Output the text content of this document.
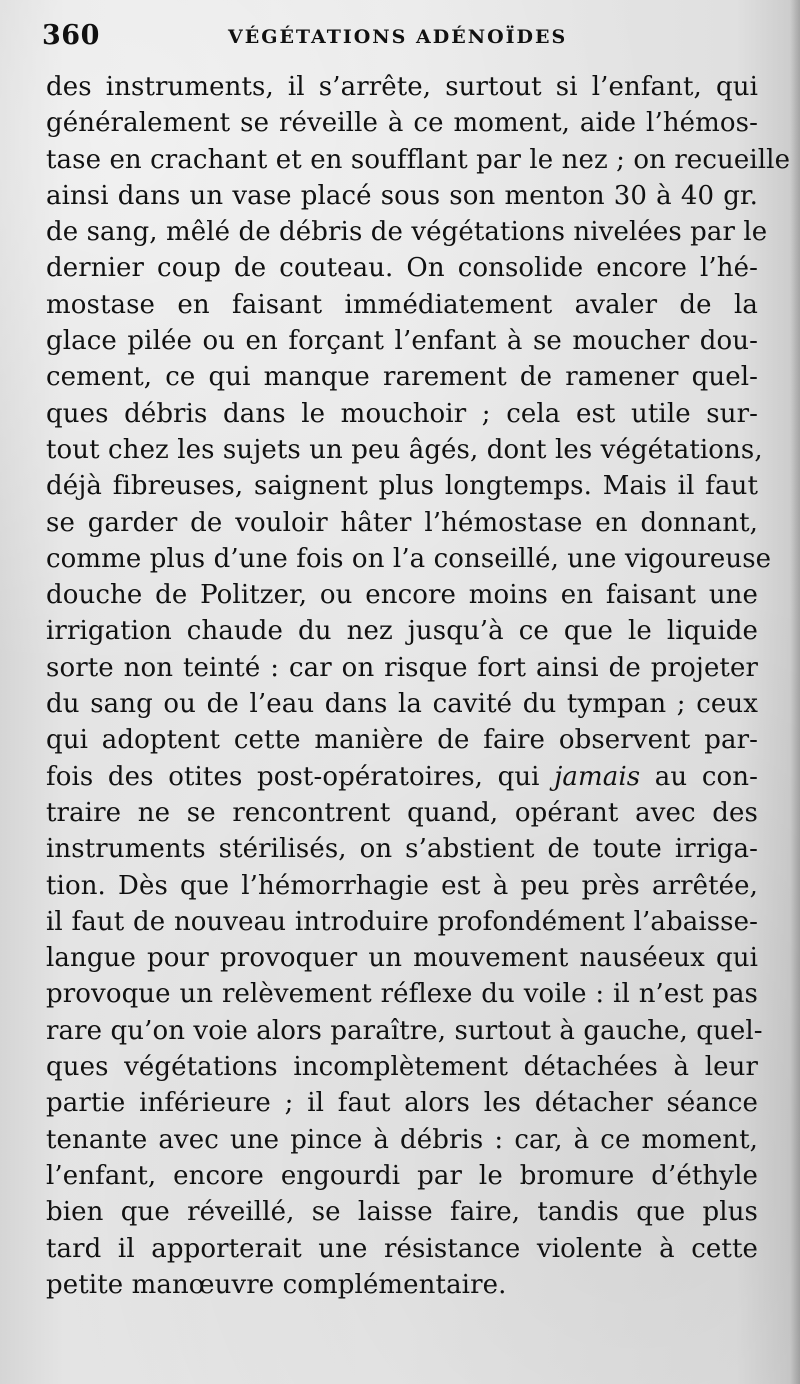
360	VÉGÉTATIONS ADÉNOÏDES
des instruments, il s’arrête, surtout si l’enfant, qui
généralement se réveille à ce moment, aide l’hémos-
tase en crachant et en soufflant par le nez ; on recueille
ainsi dans un vase placé sous son menton 30 à 40 gr.
de sang, mêlé de débris de végétations nivelées par le
dernier coup de couteau. On consolide encore l’hé-
mostase en faisant immédiatement avaler de la
glace pilée ou en forçant l’enfant à se moucher dou-
cement, ce qui manque rarement de ramener quel-
ques débris dans le mouchoir ; cela est utile sur-
tout chez les sujets un peu âgés, dont les végétations,
déjà fibreuses, saignent plus longtemps. Mais il faut
se garder de vouloir hâter l’hémostase en donnant,
comme plus d’une fois on l’a conseillé, une vigoureuse
douche de Politzer, ou encore moins en faisant une
irrigation chaude du nez jusqu’à ce que le liquide
sorte non teinté : car on risque fort ainsi de projeter
du sang ou de l’eau dans la cavité du tympan ; ceux
qui adoptent cette manière de faire observent par-
fois des otites post-opératoires, qui jamais au con-
traire ne se rencontrent quand, opérant avec des
instruments stérilisés, on s’abstient de toute irriga-
tion. Dès que l’hémorrhagie est à peu près arrêtée,
il faut de nouveau introduire profondément l’abaisse-
langue pour provoquer un mouvement nauséeux qui
provoque un relèvement réflexe du voile : il n’est pas
rare qu’on voie alors paraître, surtout à gauche, quel-
ques végétations incomplètement détachées à leur
partie inférieure ; il faut alors les détacher séance
tenante avec une pince à débris : car, à ce moment,
l’enfant, encore engourdi par le bromure d’éthyle
bien que réveillé, se laisse faire, tandis que plus
tard il apporterait une résistance violente à cette
petite manœuvre complémentaire.
